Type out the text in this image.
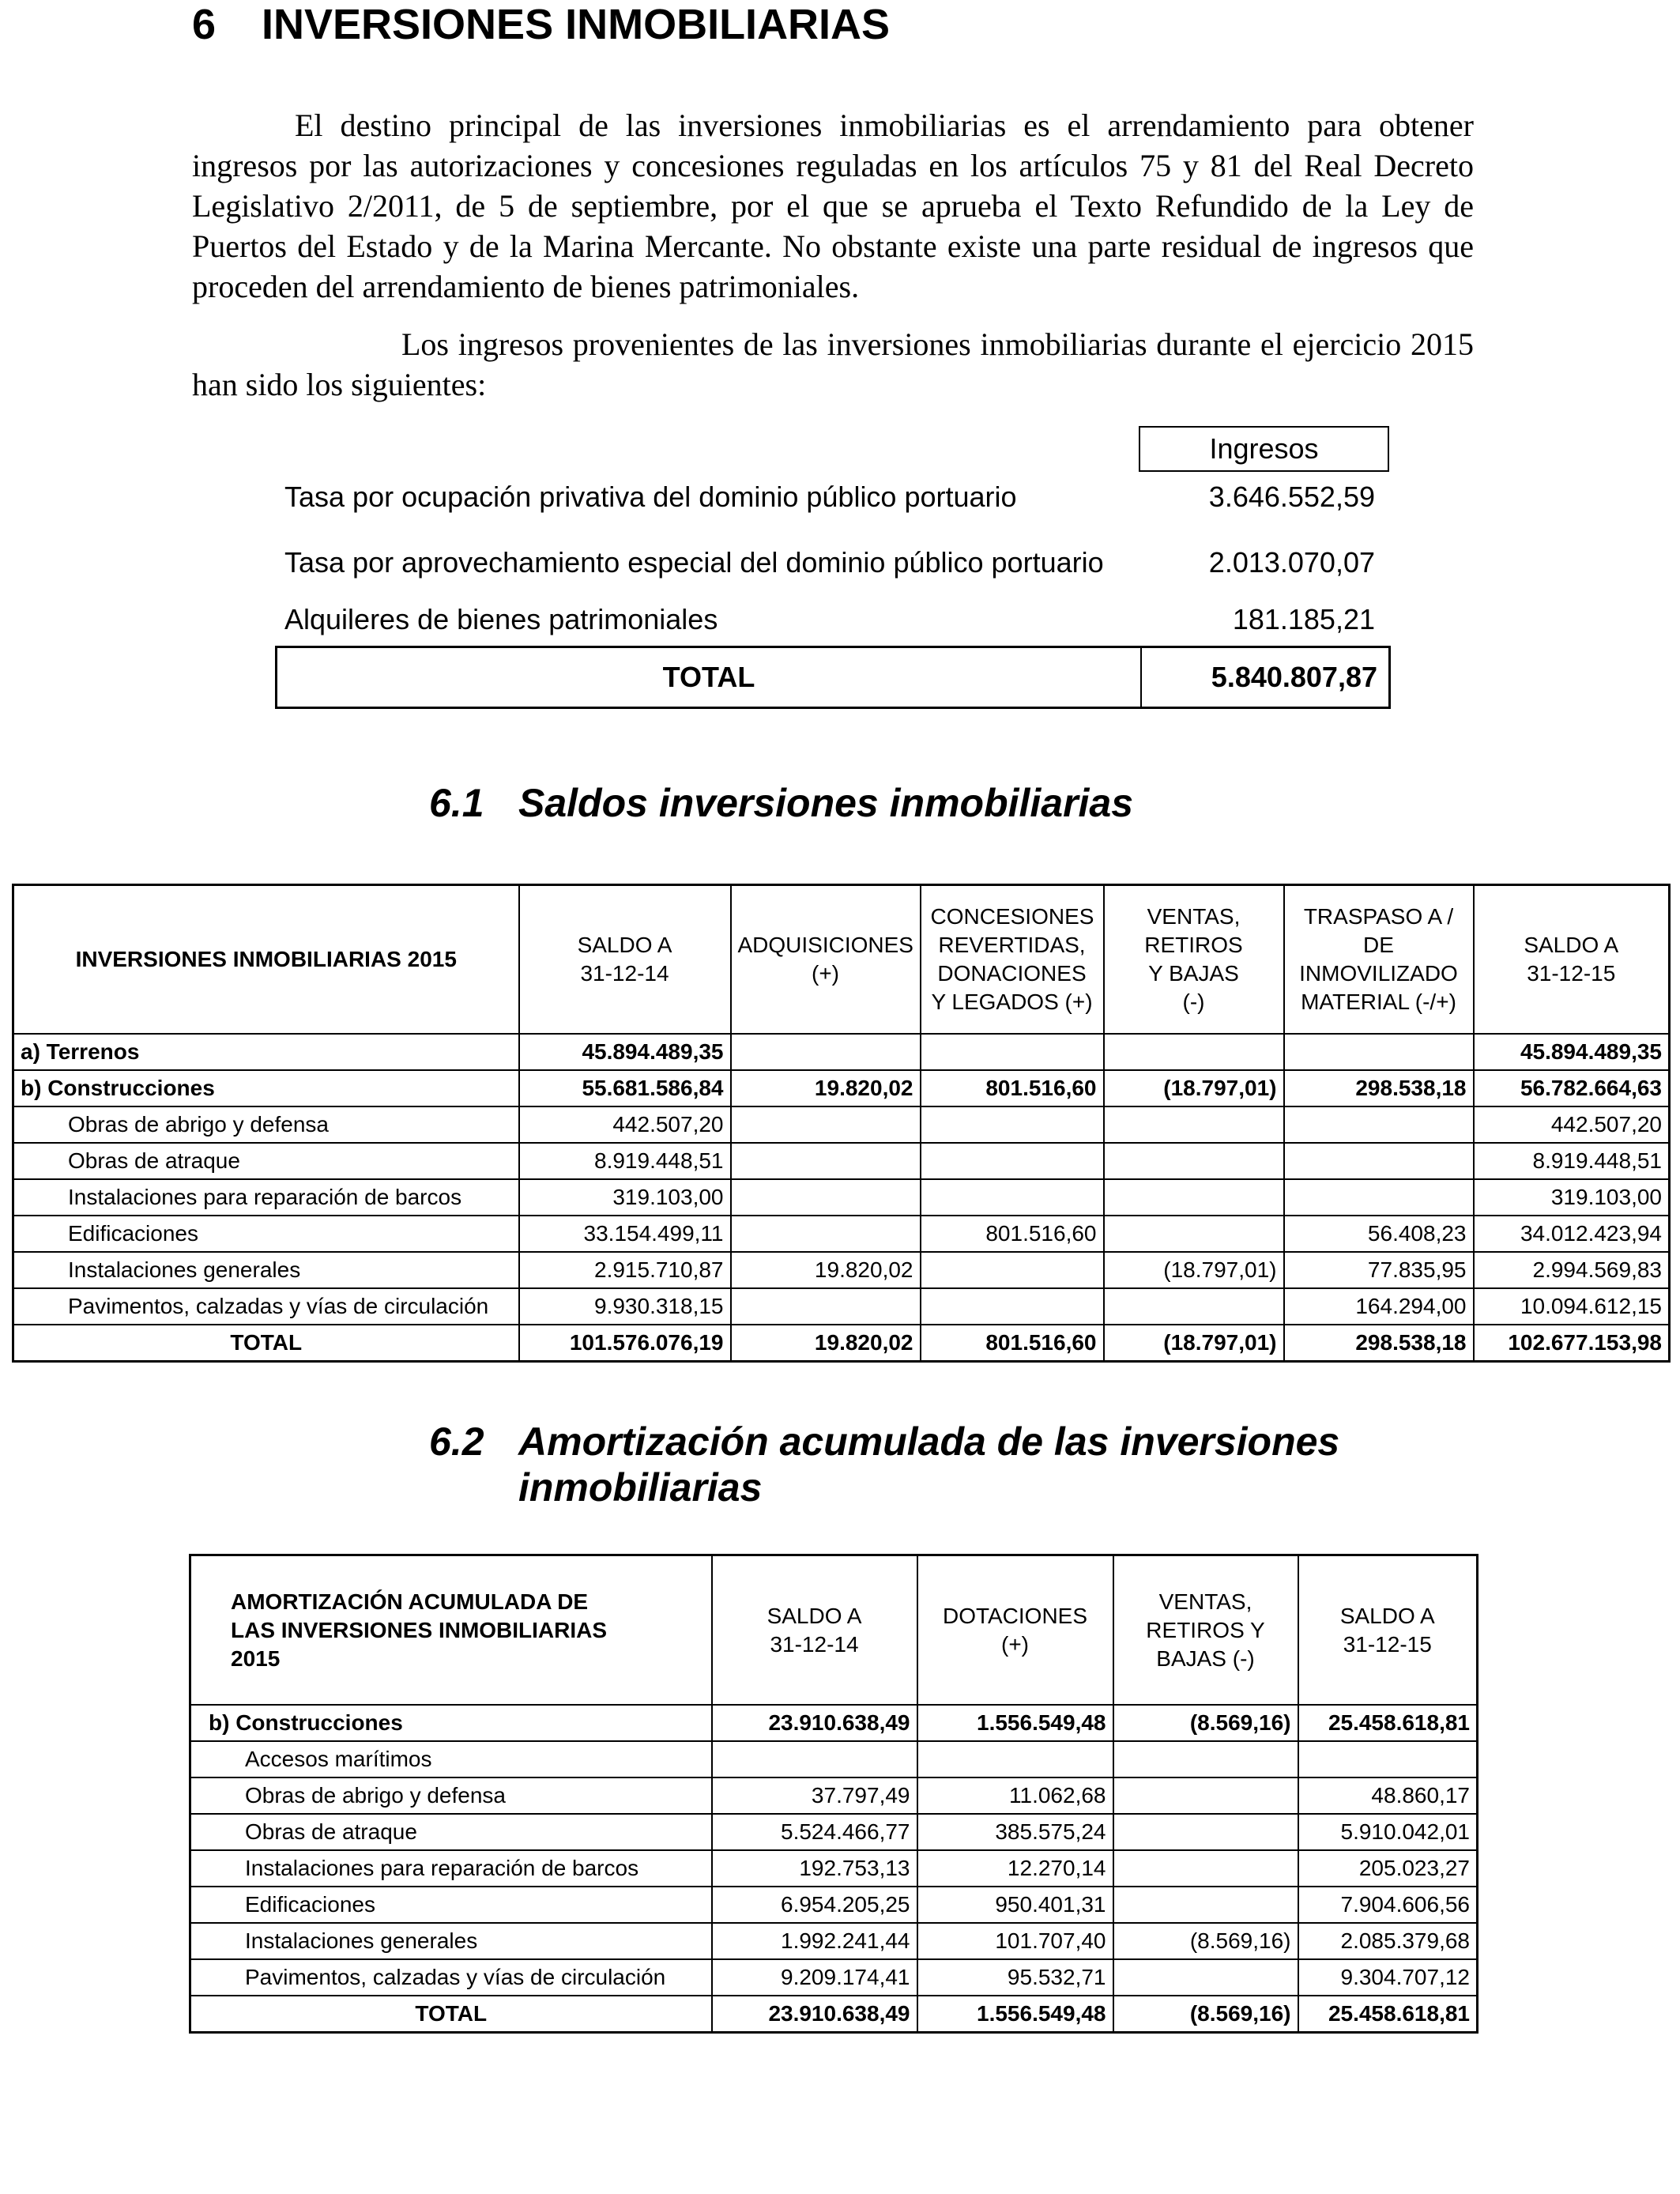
6 INVERSIONES INMOBILIARIAS

El destino principal de las inversiones inmobiliarias es el arrendamiento para obtener ingresos por las autorizaciones y concesiones reguladas en los artículos 75 y 81 del Real Decreto Legislativo 2/2011, de 5 de septiembre, por el que se aprueba el Texto Refundido de la Ley de Puertos del Estado y de la Marina Mercante. No obstante existe una parte residual de ingresos que proceden del arrendamiento de bienes patrimoniales.

Los ingresos provenientes de las inversiones inmobiliarias durante el ejercicio 2015 han sido los siguientes:

Ingresos
Tasa por ocupación privativa del dominio público portuario	3.646.552,59
Tasa por aprovechamiento especial del dominio público portuario	2.013.070,07
Alquileres de bienes patrimoniales	181.185,21
TOTAL	5.840.807,87
6.1 Saldos inversiones inmobiliarias
INVERSIONES INMOBILIARIAS 2015	SALDO A 31-12-14	ADQUISICIONES (+)	CONCESIONES REVERTIDAS, DONACIONES Y LEGADOS (+)	VENTAS, RETIROS Y BAJAS (-)	TRASPASO A / DE INMOVILIZADO MATERIAL (-/+)	SALDO A 31-12-15
a) Terrenos	45.894.489,35					45.894.489,35
b) Construcciones	55.681.586,84	19.820,02	801.516,60	(18.797,01)	298.538,18	56.782.664,63
Obras de abrigo y defensa	442.507,20					442.507,20
Obras de atraque	8.919.448,51					8.919.448,51
Instalaciones para reparación de barcos	319.103,00					319.103,00
Edificaciones	33.154.499,11		801.516,60		56.408,23	34.012.423,94
Instalaciones generales	2.915.710,87	19.820,02		(18.797,01)	77.835,95	2.994.569,83
Pavimentos, calzadas y vías de circulación	9.930.318,15				164.294,00	10.094.612,15
TOTAL	101.576.076,19	19.820,02	801.516,60	(18.797,01)	298.538,18	102.677.153,98
6.2 Amortización acumulada de las inversiones
inmobiliarias
AMORTIZACIÓN ACUMULADA DE LAS INVERSIONES INMOBILIARIAS 2015	SALDO A 31-12-14	DOTACIONES (+)	VENTAS, RETIROS Y BAJAS (-)	SALDO A 31-12-15
b) Construcciones	23.910.638,49	1.556.549,48	(8.569,16)	25.458.618,81
Accesos marítimos				
Obras de abrigo y defensa	37.797,49	11.062,68		48.860,17
Obras de atraque	5.524.466,77	385.575,24		5.910.042,01
Instalaciones para reparación de barcos	192.753,13	12.270,14		205.023,27
Edificaciones	6.954.205,25	950.401,31		7.904.606,56
Instalaciones generales	1.992.241,44	101.707,40	(8.569,16)	2.085.379,68
Pavimentos, calzadas y vías de circulación	9.209.174,41	95.532,71		9.304.707,12
TOTAL	23.910.638,49	1.556.549,48	(8.569,16)	25.458.618,81
